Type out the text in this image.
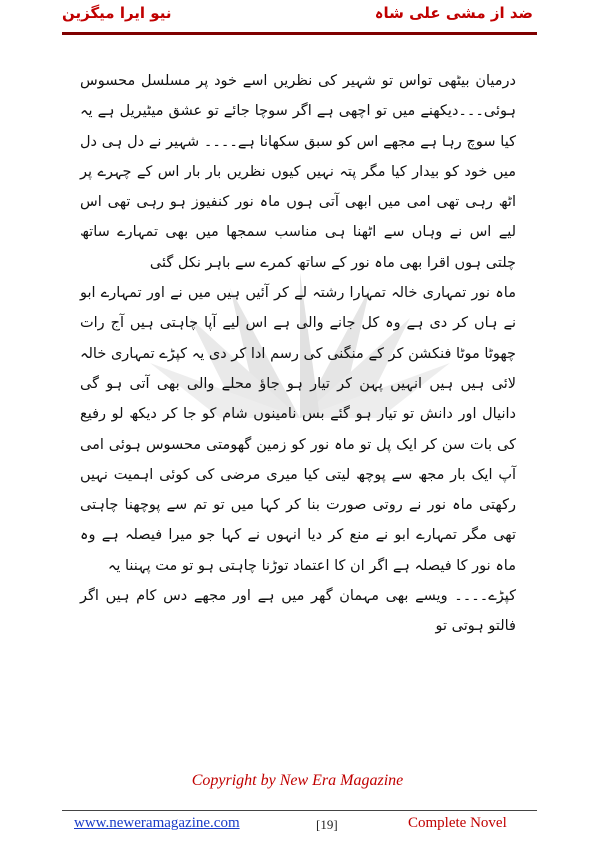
نیو ایرا میگزین	ضد از مشی علی شاہ

درمیان بیٹھی تواس تو شہیر کی نظریں اسے خود پر مسلسل محسوس ہوئی۔۔۔دیکھنے میں تو اچھی ہے اگر سوچا جائے تو عشق میٹیریل ہے یہ کیا سوچ رہا ہے مجھے اس کو سبق سکھانا ہے۔۔۔۔ شہیر نے دل ہی دل میں خود کو بیدار کیا مگر پتہ نہیں کیوں نظریں بار بار اس کے چہرے پر اٹھ رہی تھی امی میں ابھی آتی ہوں ماہ نور کنفیوز ہو رہی تھی اس لیے اس نے وہاں سے اٹھنا ہی مناسب سمجھا میں بھی تمہارے ساتھ چلتی ہوں اقرا بھی ماہ نور کے ساتھ کمرے سے باہر نکل گئی

ماہ نور تمہاری خالہ تمہارا رشتہ لے کر آئیں ہیں میں نے اور تمہارے ابو نے ہاں کر دی ہے وہ کل جانے والی ہے اس لیے آپا چاہتی ہیں آج رات چھوٹا موٹا فنکشن کر کے منگنی کی رسم ادا کر دی یہ کپڑے تمہاری خالہ لائی ہیں ہیں انہیں پہن کر تیار ہو جاؤ محلے والی بھی آتی ہو گی دانیال اور دانش تو تیار ہو گئے بس نامینوں شام کو جا کر دیکھ لو رفیع کی بات سن کر ایک پل تو ماہ نور کو زمین گھومتی محسوس ہوئی امی آپ ایک بار مجھ سے پوچھ لیتی کیا میری مرضی کی کوئی اہمیت نہیں رکھتی ماہ نور نے روتی صورت بنا کر کہا میں تو تم سے پوچھنا چاہتی تھی مگر تمہارے ابو نے منع کر دیا انہوں نے کہا جو میرا فیصلہ ہے وہ ماہ نور کا فیصلہ ہے اگر ان کا اعتماد توڑنا چاہتی ہو تو مت پہننا یہ

کپڑے۔۔۔۔ ویسے بھی مہمان گھر میں ہے اور مجھے دس کام ہیں اگر فالتو ہوتی تو

Copyright by New Era Magazine
www.neweramagazine.com	[19]	Complete Novel
